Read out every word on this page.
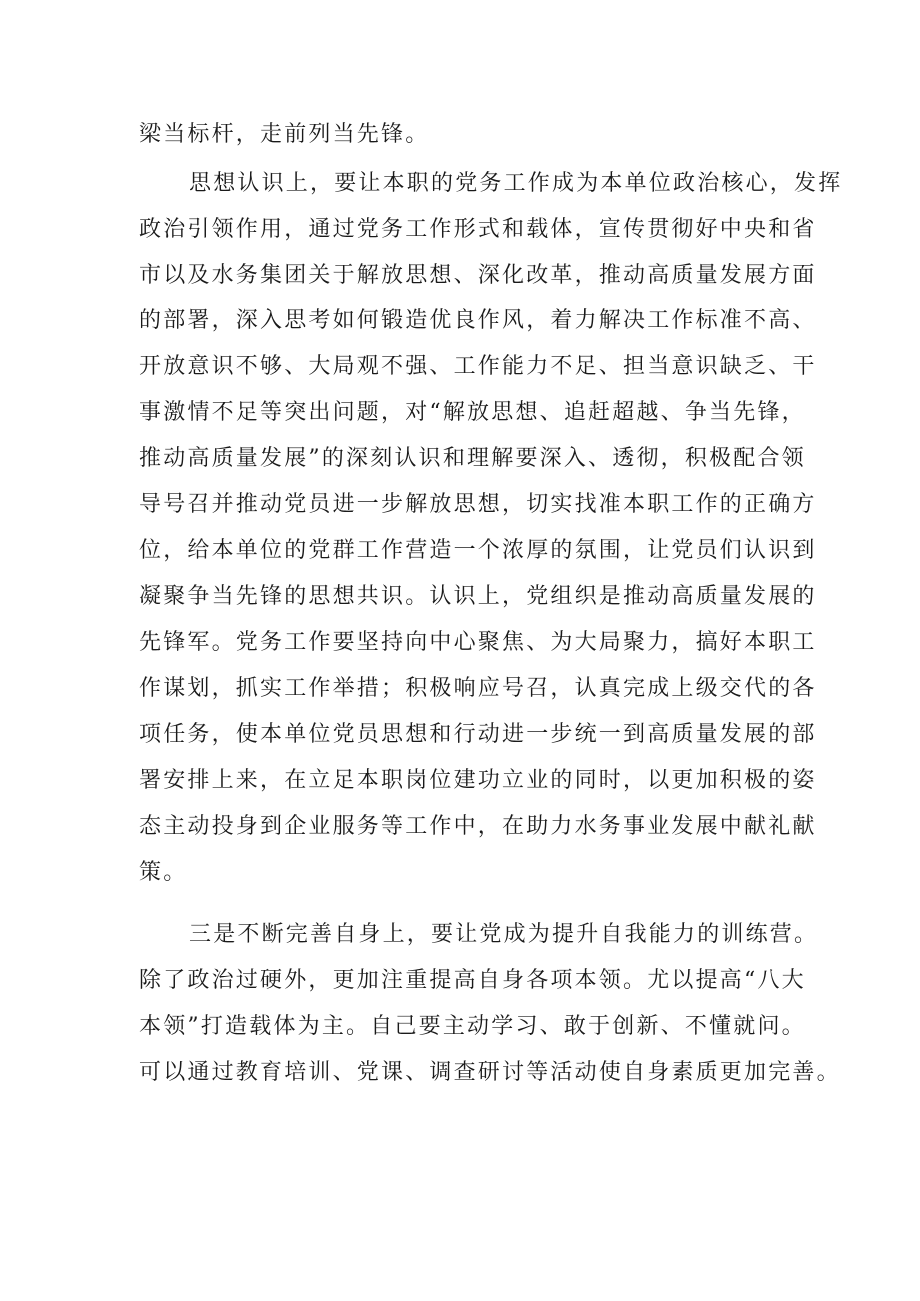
梁当标杆，走前列当先锋。
思想认识上，要让本职的党务工作成为本单位政治核心，发挥
政治引领作用，通过党务工作形式和载体，宣传贯彻好中央和省
市以及水务集团关于解放思想、深化改革，推动高质量发展方面
的部署，深入思考如何锻造优良作风，着力解决工作标准不高、
开放意识不够、大局观不强、工作能力不足、担当意识缺乏、干
事激情不足等突出问题，对“解放思想、追赶超越、争当先锋，
推动高质量发展”的深刻认识和理解要深入、透彻，积极配合领
导号召并推动党员进一步解放思想，切实找准本职工作的正确方
位，给本单位的党群工作营造一个浓厚的氛围，让党员们认识到
凝聚争当先锋的思想共识。认识上，党组织是推动高质量发展的
先锋军。党务工作要坚持向中心聚焦、为大局聚力，搞好本职工
作谋划，抓实工作举措；积极响应号召，认真完成上级交代的各
项任务，使本单位党员思想和行动进一步统一到高质量发展的部
署安排上来，在立足本职岗位建功立业的同时，以更加积极的姿
态主动投身到企业服务等工作中，在助力水务事业发展中献礼献
策。
三是不断完善自身上，要让党成为提升自我能力的训练营。
除了政治过硬外，更加注重提高自身各项本领。尤以提高“八大
本领”打造载体为主。自己要主动学习、敢于创新、不懂就问。
可以通过教育培训、党课、调查研讨等活动使自身素质更加完善。
